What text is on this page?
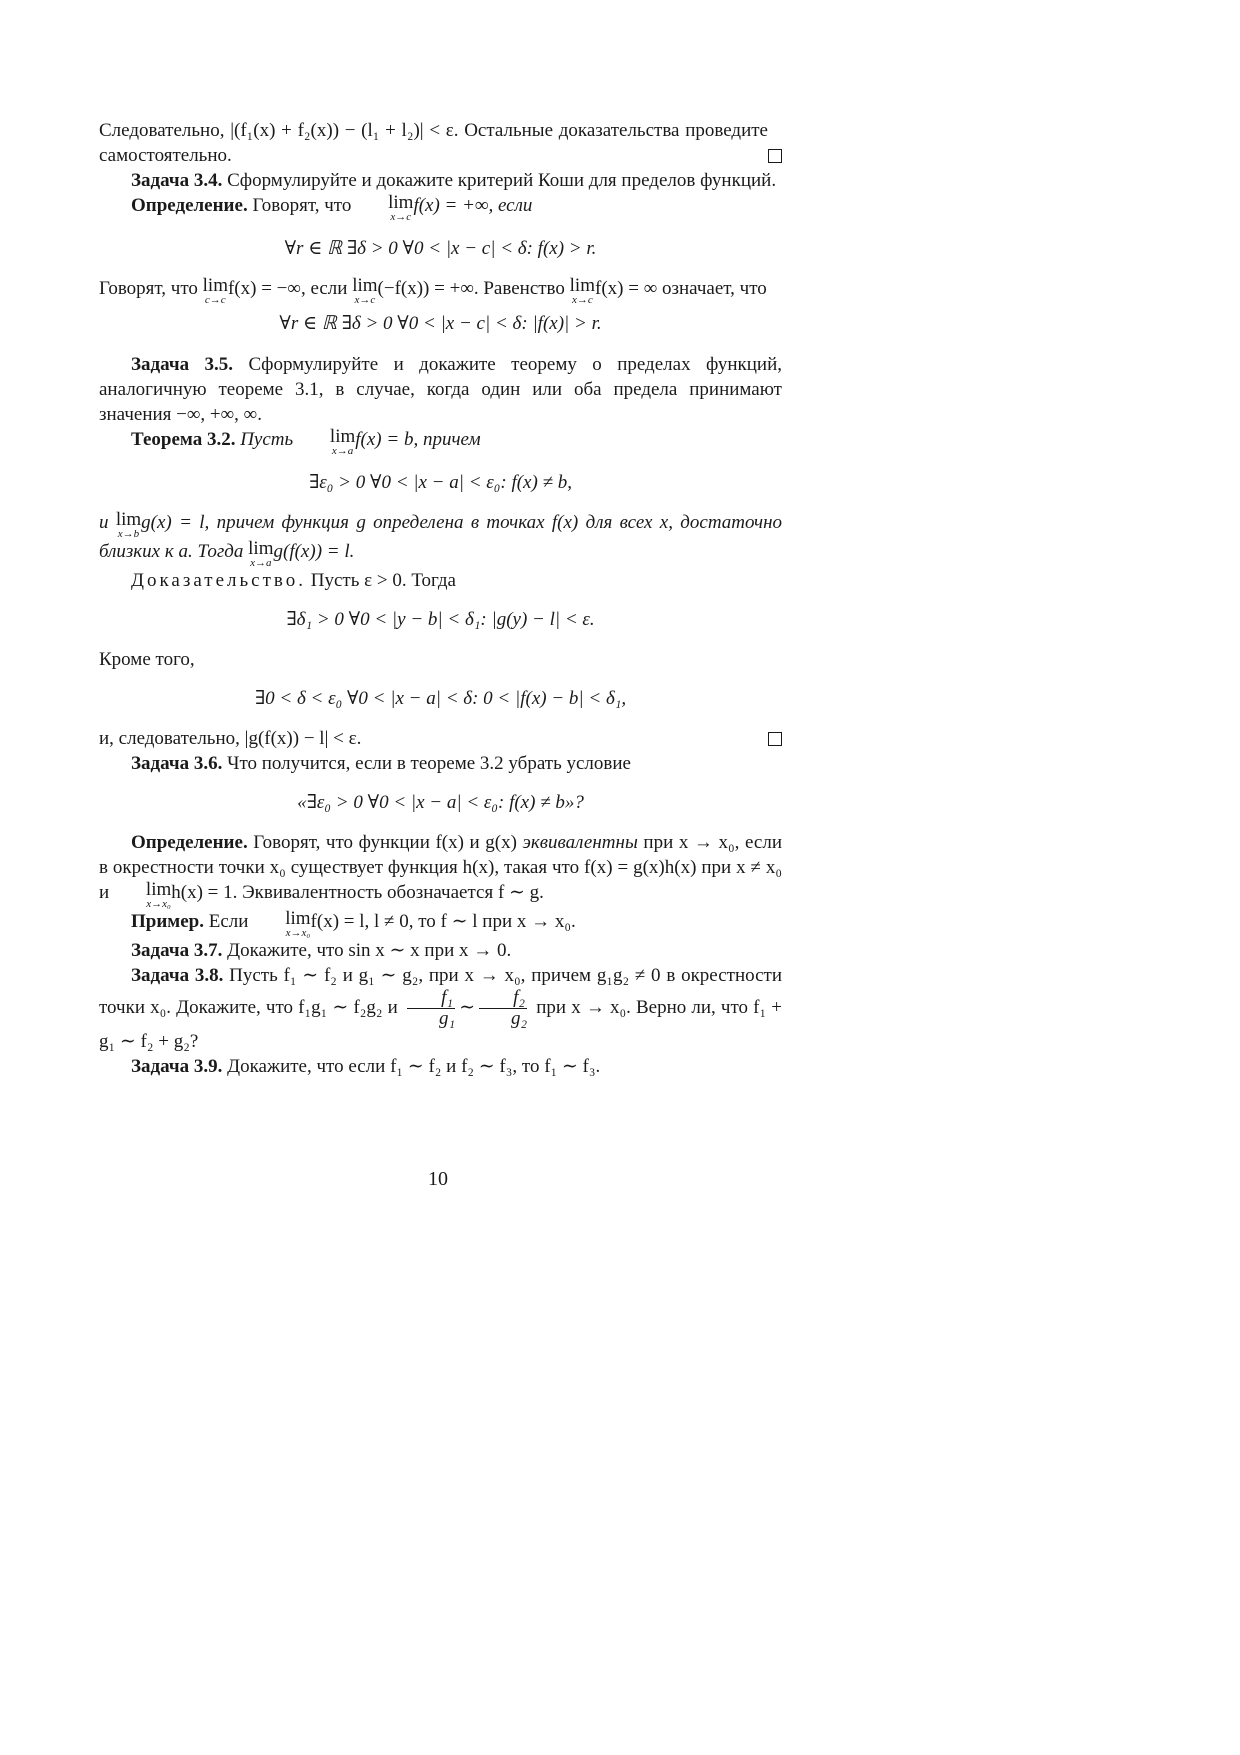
Следовательно, |(f₁(x) + f₂(x)) − (l₁ + l₂)| < ε. Остальные доказательства проведите самостоятельно.

Задача 3.4. Сформулируйте и докажите критерий Коши для пределов функций.

Определение. Говорят, что lim
x→c
f(x) = +∞, если

∀r ∈ ℝ ∃δ > 0 ∀0 < |x − c| < δ: f(x) > r.

Говорят, что lim
c→c
f(x) = −∞, если lim
x→c
(−f(x)) = +∞. Равенство lim
x→c
f(x) = ∞ означает, что

∀r ∈ ℝ ∃δ > 0 ∀0 < |x − c| < δ: |f(x)| > r.

Задача 3.5. Сформулируйте и докажите теорему о пределах функций, аналогичную теореме 3.1, в случае, когда один или оба предела принимают значения −∞, +∞, ∞.

Теорема 3.2. Пусть lim
x→a
f(x) = b, причем

∃ε₀ > 0 ∀0 < |x − a| < ε₀: f(x) ≠ b,

и lim
x→b
g(x) = l, причем функция g определена в точках f(x) для всех x, достаточно близких к a. Тогда lim
x→a
g(f(x)) = l.

Доказательство. Пусть ε > 0. Тогда

∃δ₁ > 0 ∀0 < |y − b| < δ₁: |g(y) − l| < ε.

Кроме того,

∃0 < δ < ε₀ ∀0 < |x − a| < δ: 0 < |f(x) − b| < δ₁,

и, следовательно, |g(f(x)) − l| < ε.

Задача 3.6. Что получится, если в теореме 3.2 убрать условие

«∃ε₀ > 0 ∀0 < |x − a| < ε₀: f(x) ≠ b»?

Определение. Говорят, что функции f(x) и g(x) эквивалентны при x → x₀, если в окрестности точки x₀ существует функция h(x), такая что f(x) = g(x)h(x) при x ≠ x₀ и lim
x→x₀
h(x) = 1. Эквивалентность обозначается f ∼ g.

Пример. Если lim
x→x₀
f(x) = l, l ≠ 0, то f ∼ l при x → x₀.

Задача 3.7. Докажите, что sin x ∼ x при x → 0.

Задача 3.8. Пусть f₁ ∼ f₂ и g₁ ∼ g₂, при x → x₀, причем g₁g₂ ≠ 0 в окрестности точки x₀. Докажите, что f₁g₁ ∼ f₂g₂ и $\frac{\text{f₁}}{\text{g₁}}$ ∼ $\frac{\text{f₂}}{\text{g₂}}$ при x → x₀. Верно ли, что f₁ + g₁ ∼ f₂ + g₂?

Задача 3.9. Докажите, что если f₁ ∼ f₂ и f₂ ∼ f₃, то f₁ ∼ f₃.

10
